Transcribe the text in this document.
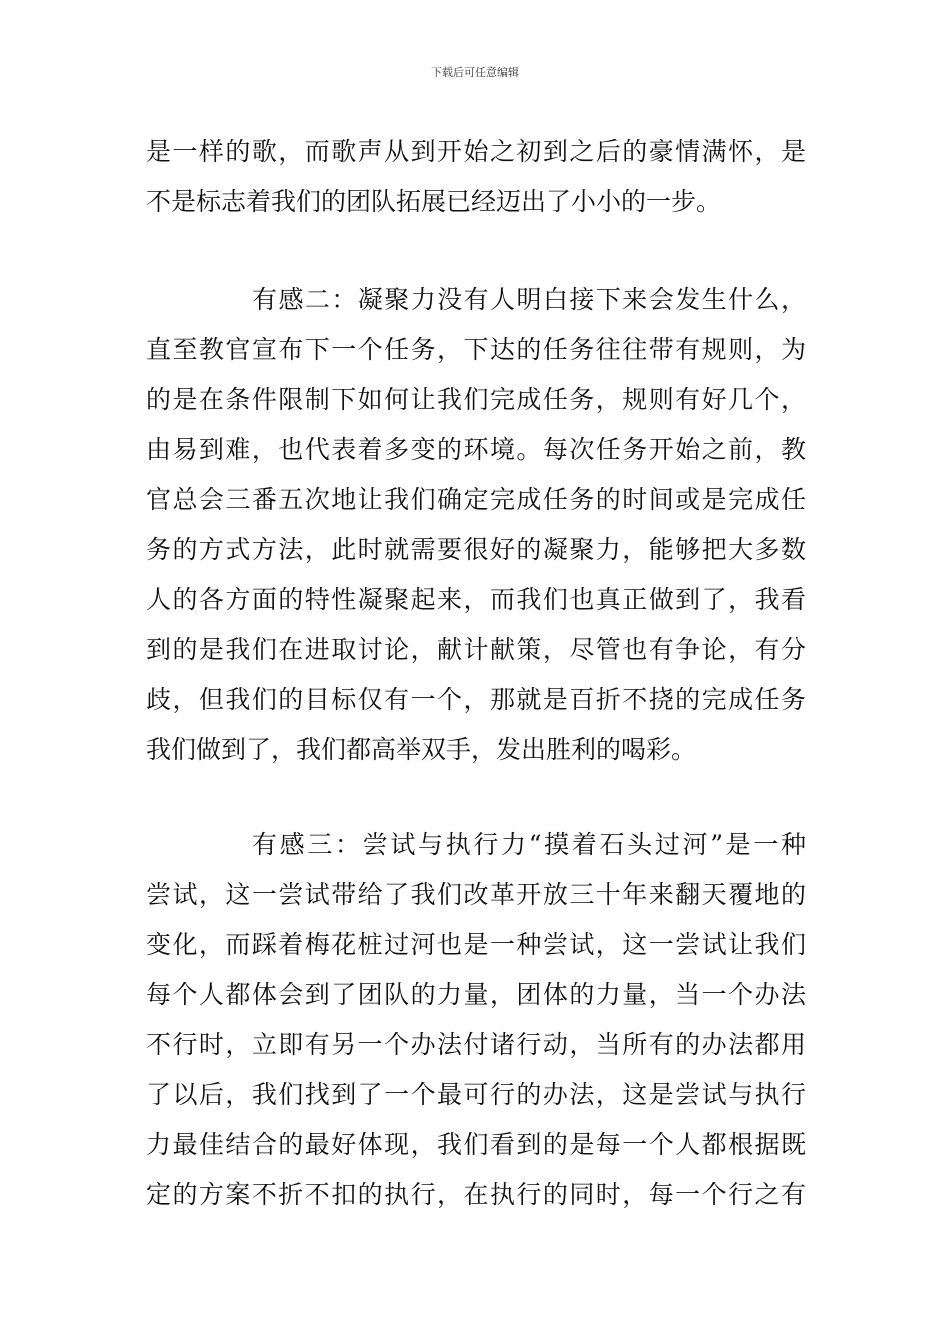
下载后可任意编辑
是一样的歌，而歌声从到开始之初到之后的豪情满怀，是
不是标志着我们的团队拓展已经迈出了小小的一步。
有感二：凝聚力没有人明白接下来会发生什么，
直至教官宣布下一个任务，下达的任务往往带有规则，为
的是在条件限制下如何让我们完成任务，规则有好几个，
由易到难，也代表着多变的环境。每次任务开始之前，教
官总会三番五次地让我们确定完成任务的时间或是完成任
务的方式方法，此时就需要很好的凝聚力，能够把大多数
人的各方面的特性凝聚起来，而我们也真正做到了，我看
到的是我们在进取讨论，献计献策，尽管也有争论，有分
歧，但我们的目标仅有一个，那就是百折不挠的完成任务
我们做到了，我们都高举双手，发出胜利的喝彩。
有感三：尝试与执行力“摸着石头过河”是一种
尝试，这一尝试带给了我们改革开放三十年来翻天覆地的
变化，而踩着梅花桩过河也是一种尝试，这一尝试让我们
每个人都体会到了团队的力量，团体的力量，当一个办法
不行时，立即有另一个办法付诸行动，当所有的办法都用
了以后，我们找到了一个最可行的办法，这是尝试与执行
力最佳结合的最好体现，我们看到的是每一个人都根据既
定的方案不折不扣的执行，在执行的同时，每一个行之有
